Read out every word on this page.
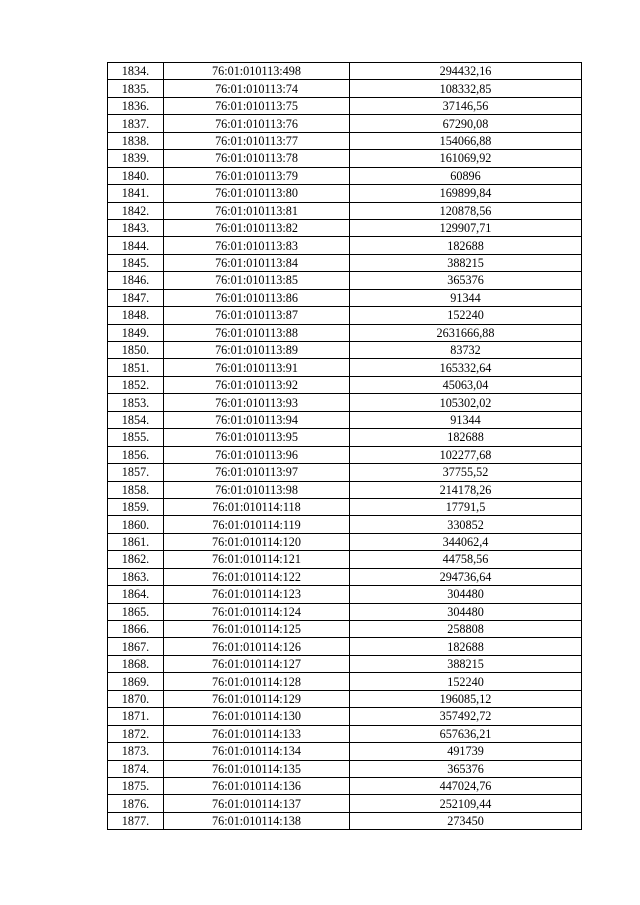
1834.	76:01:010113:498	294432,16
1835.	76:01:010113:74	108332,85
1836.	76:01:010113:75	37146,56
1837.	76:01:010113:76	67290,08
1838.	76:01:010113:77	154066,88
1839.	76:01:010113:78	161069,92
1840.	76:01:010113:79	60896
1841.	76:01:010113:80	169899,84
1842.	76:01:010113:81	120878,56
1843.	76:01:010113:82	129907,71
1844.	76:01:010113:83	182688
1845.	76:01:010113:84	388215
1846.	76:01:010113:85	365376
1847.	76:01:010113:86	91344
1848.	76:01:010113:87	152240
1849.	76:01:010113:88	2631666,88
1850.	76:01:010113:89	83732
1851.	76:01:010113:91	165332,64
1852.	76:01:010113:92	45063,04
1853.	76:01:010113:93	105302,02
1854.	76:01:010113:94	91344
1855.	76:01:010113:95	182688
1856.	76:01:010113:96	102277,68
1857.	76:01:010113:97	37755,52
1858.	76:01:010113:98	214178,26
1859.	76:01:010114:118	17791,5
1860.	76:01:010114:119	330852
1861.	76:01:010114:120	344062,4
1862.	76:01:010114:121	44758,56
1863.	76:01:010114:122	294736,64
1864.	76:01:010114:123	304480
1865.	76:01:010114:124	304480
1866.	76:01:010114:125	258808
1867.	76:01:010114:126	182688
1868.	76:01:010114:127	388215
1869.	76:01:010114:128	152240
1870.	76:01:010114:129	196085,12
1871.	76:01:010114:130	357492,72
1872.	76:01:010114:133	657636,21
1873.	76:01:010114:134	491739
1874.	76:01:010114:135	365376
1875.	76:01:010114:136	447024,76
1876.	76:01:010114:137	252109,44
1877.	76:01:010114:138	273450
